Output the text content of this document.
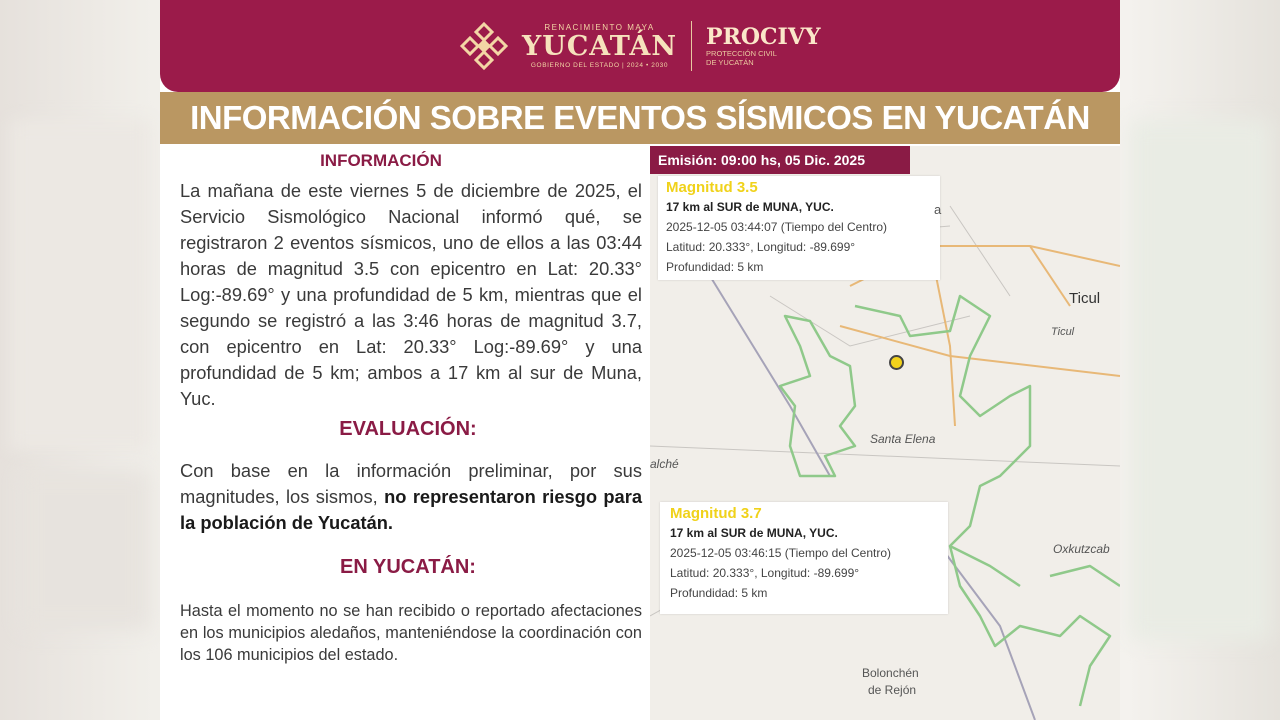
RENACIMIENTO MAYA
YUCATÁN
GOBIERNO DEL ESTADO | 2024 • 2030
PROCIVY
PROTECCIÓN CIVIL
DE YUCATÁN
INFORMACIÓN SOBRE EVENTOS SÍSMICOS EN YUCATÁN
INFORMACIÓN
La mañana de este viernes 5 de diciembre de 2025, el Servicio Sismológico Nacional informó qué, se registraron 2 eventos sísmicos, uno de ellos a las 03:44 horas de magnitud 3.5 con epicentro en Lat: 20.33° Log:-89.69° y una profundidad de 5 km, mientras que el segundo se registró a las 3:46 horas de magnitud 3.7, con epicentro en Lat: 20.33° Log:-89.69° y una profundidad de 5 km; ambos a 17 km al sur de Muna, Yuc.
EVALUACIÓN:
Con base en la información preliminar, por sus magnitudes, los sismos, no representaron riesgo para la población de Yucatán.
EN YUCATÁN:
Hasta el momento no se han recibido o reportado afectaciones en los municipios aledaños, manteniéndose la coordinación con los 106 municipios del estado.
Emisión: 09:00 hs, 05 Dic. 2025
Magnitud 3.5
17 km al SUR de MUNA, YUC.
2025-12-05 03:44:07 (Tiempo del Centro)
Latitud: 20.333°, Longitud: -89.699°
Profundidad: 5 km
Magnitud 3.7
17 km al SUR de MUNA, YUC.
2025-12-05 03:46:15 (Tiempo del Centro)
Latitud: 20.333°, Longitud: -89.699°
Profundidad: 5 km
a
Ticul
Ticul
Santa Elena
alché
Oxkutzcab
Bolonchén
de Rejón
